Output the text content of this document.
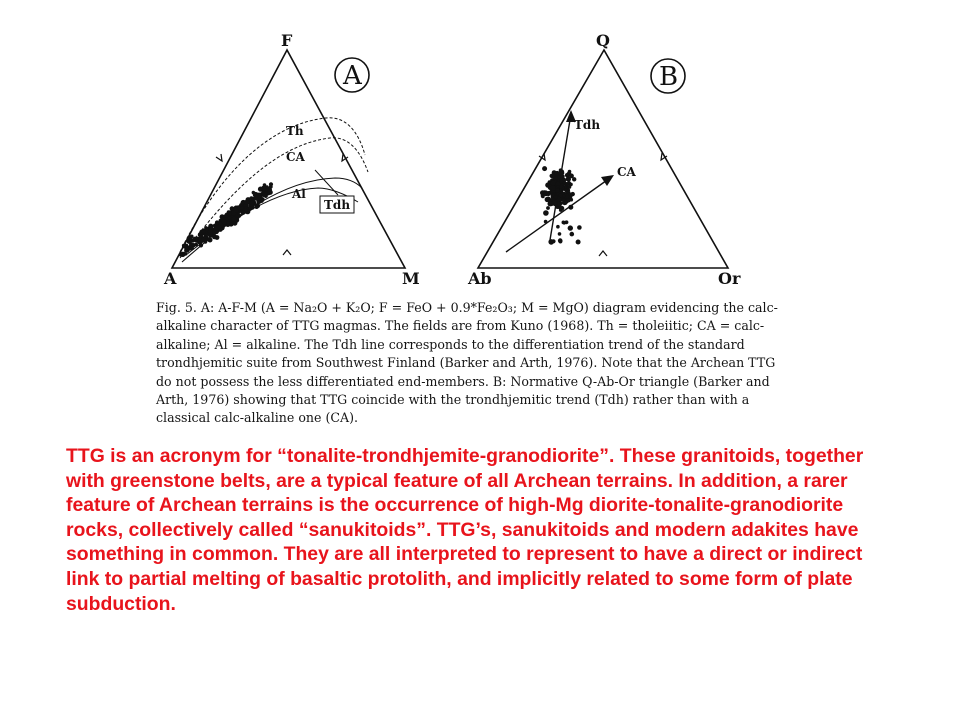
F
A	M
A
Th
CA
Al
Tdh
Q
Ab	Or
B
Tdh
CA

Fig. 5. A: A-F-M (A = Na₂O + K₂O; F = FeO + 0.9*Fe₂O₃; M = MgO) diagram evidencing the calc-alkaline character of TTG magmas. The fields are from Kuno (1968). Th = tholeiitic; CA = calc-alkaline; Al = alkaline. The Tdh line corresponds to the differentiation trend of the standard trondhjemitic suite from Southwest Finland (Barker and Arth, 1976). Note that the Archean TTG do not possess the less differentiated end-members. B: Normative Q-Ab-Or triangle (Barker and Arth, 1976) showing that TTG coincide with the trondhjemitic trend (Tdh) rather than with a classical calc-alkaline one (CA).

TTG is an acronym for “tonalite-trondhjemite-granodiorite”. These granitoids, together with greenstone belts, are a typical feature of all Archean terrains. In addition, a rarer feature of Archean terrains is the occurrence of high-Mg diorite-tonalite-granodiorite rocks, collectively called “sanukitoids”. TTG’s, sanukitoids and modern adakites have something in common. They are all interpreted to represent to have a direct or indirect link to partial melting of basaltic protolith, and implicitly related to some form of plate subduction.
